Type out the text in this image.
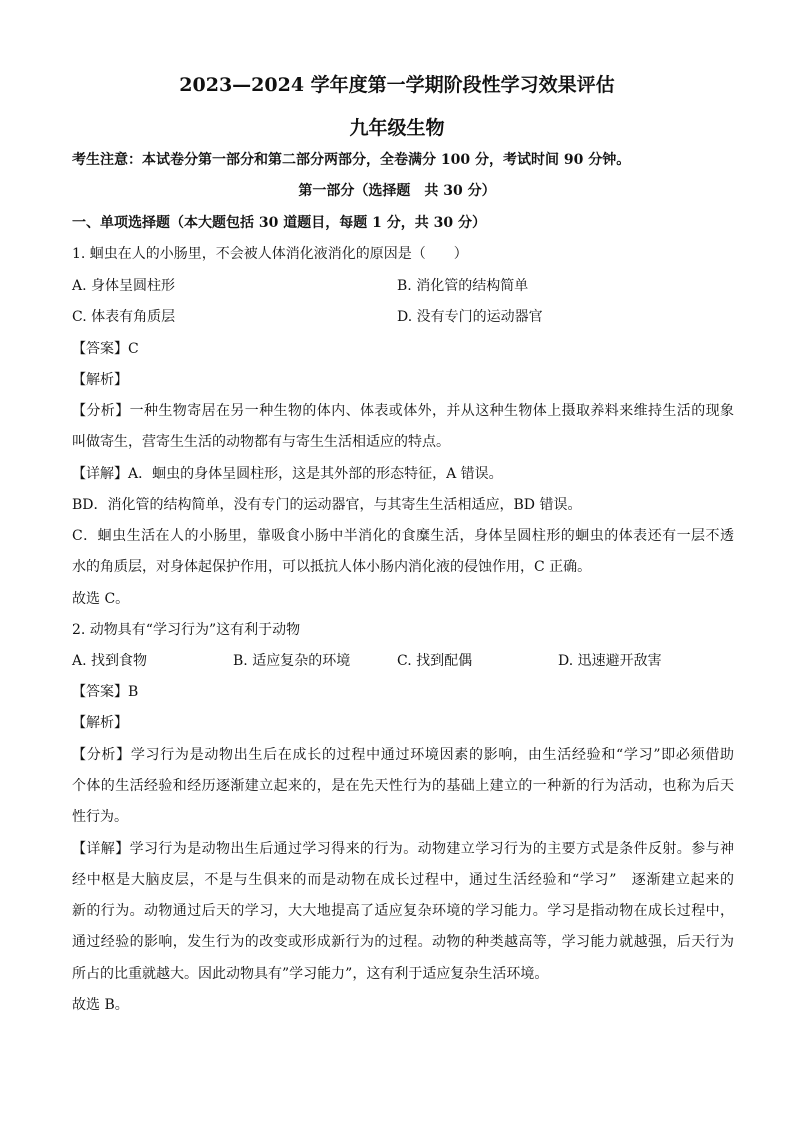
2023—2024 学年度第一学期阶段性学习效果评估
九年级生物
考生注意：本试卷分第一部分和第二部分两部分，全卷满分 100 分，考试时间 90 分钟。
第一部分（选择题　共 30 分）
一、单项选择题（本大题包括 30 道题目，每题 1 分，共 30 分）
1. 蛔虫在人的小肠里，不会被人体消化液消化的原因是（　　）
A. 身体呈圆柱形	B. 消化管的结构简单
C. 体表有角质层	D. 没有专门的运动器官
【答案】C
【解析】
【分析】一种生物寄居在另一种生物的体内、体表或体外，并从这种生物体上摄取养料来维持生活的现象
叫做寄生，营寄生生活的动物都有与寄生生活相适应的特点。
【详解】A．蛔虫的身体呈圆柱形，这是其外部的形态特征，A 错误。
BD．消化管的结构简单，没有专门的运动器官，与其寄生生活相适应，BD 错误。
C．蛔虫生活在人的小肠里，靠吸食小肠中半消化的食糜生活，身体呈圆柱形的蛔虫的体表还有一层不透
水的角质层，对身体起保护作用，可以抵抗人体小肠内消化液的侵蚀作用，C 正确。
故选 C。
2. 动物具有“学习行为”这有利于动物
A. 找到食物	B. 适应复杂的环境	C. 找到配偶	D. 迅速避开敌害
【答案】B
【解析】
【分析】学习行为是动物出生后在成长的过程中通过环境因素的影响，由生活经验和“学习”即必须借助
个体的生活经验和经历逐渐建立起来的，是在先天性行为的基础上建立的一种新的行为活动，也称为后天
性行为。
【详解】学习行为是动物出生后通过学习得来的行为。动物建立学习行为的主要方式是条件反射。参与神
经中枢是大脑皮层，不是与生俱来的而是动物在成长过程中，通过生活经验和“学习”　逐渐建立起来的
新的行为。动物通过后天的学习，大大地提高了适应复杂环境的学习能力。学习是指动物在成长过程中，
通过经验的影响，发生行为的改变或形成新行为的过程。动物的种类越高等，学习能力就越强，后天行为
所占的比重就越大。因此动物具有”学习能力”，这有利于适应复杂生活环境。
故选 B。
